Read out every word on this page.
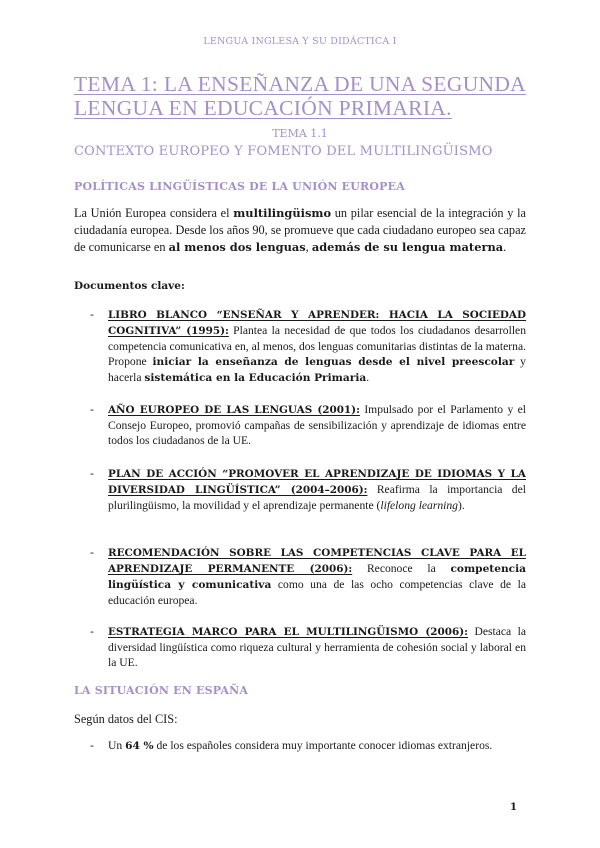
LENGUA INGLESA Y SU DIDÁCTICA I
TEMA 1: LA ENSEÑANZA DE UNA SEGUNDA LENGUA EN EDUCACIÓN PRIMARIA.
TEMA 1.1
CONTEXTO EUROPEO Y FOMENTO DEL MULTILINGÜISMO
POLÍTICAS LINGÜÍSTICAS DE LA UNIÓN EUROPEA

La Unión Europea considera el multilingüismo un pilar esencial de la integración y la ciudadanía europea. Desde los años 90, se promueve que cada ciudadano europeo sea capaz de comunicarse en al menos dos lenguas, además de su lengua materna.

Documentos clave:
- LIBRO BLANCO “ENSEÑAR Y APRENDER: HACIA LA SOCIEDAD COGNITIVA” (1995): Plantea la necesidad de que todos los ciudadanos desarrollen competencia comunicativa en, al menos, dos lenguas comunitarias distintas de la materna. Propone iniciar la enseñanza de lenguas desde el nivel preescolar y hacerla sistemática en la Educación Primaria.
- AÑO EUROPEO DE LAS LENGUAS (2001): Impulsado por el Parlamento y el Consejo Europeo, promovió campañas de sensibilización y aprendizaje de idiomas entre todos los ciudadanos de la UE.
- PLAN DE ACCIÓN “PROMOVER EL APRENDIZAJE DE IDIOMAS Y LA DIVERSIDAD LINGÜÍSTICA” (2004–2006): Reafirma la importancia del plurilingüismo, la movilidad y el aprendizaje permanente (lifelong learning).
- RECOMENDACIÓN SOBRE LAS COMPETENCIAS CLAVE PARA EL APRENDIZAJE PERMANENTE (2006): Reconoce la competencia lingüística y comunicativa como una de las ocho competencias clave de la educación europea.
- ESTRATEGIA MARCO PARA EL MULTILINGÜISMO (2006): Destaca la diversidad lingüística como riqueza cultural y herramienta de cohesión social y laboral en la UE.
LA SITUACIÓN EN ESPAÑA

Según datos del CIS:

- Un 64 % de los españoles considera muy importante conocer idiomas extranjeros.
1
